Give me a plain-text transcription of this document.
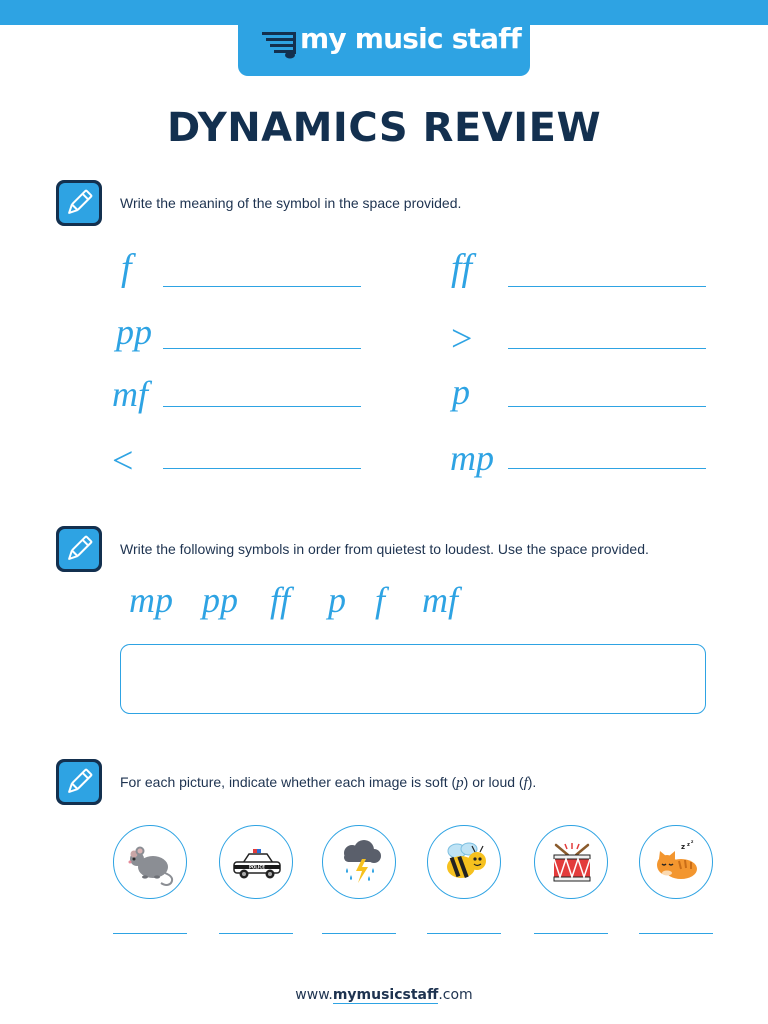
my music staff
DYNAMICS REVIEW
Write the meaning of the symbol in the space provided.
f
pp
mf
<
ff
>
p
mp
Write the following symbols in order from quietest to loudest. Use the space provided.
mp pp ff p f mf
For each picture, indicate whether each image is soft (p) or loud (f).
POLICE
z z
z
www.mymusicstaff.com
